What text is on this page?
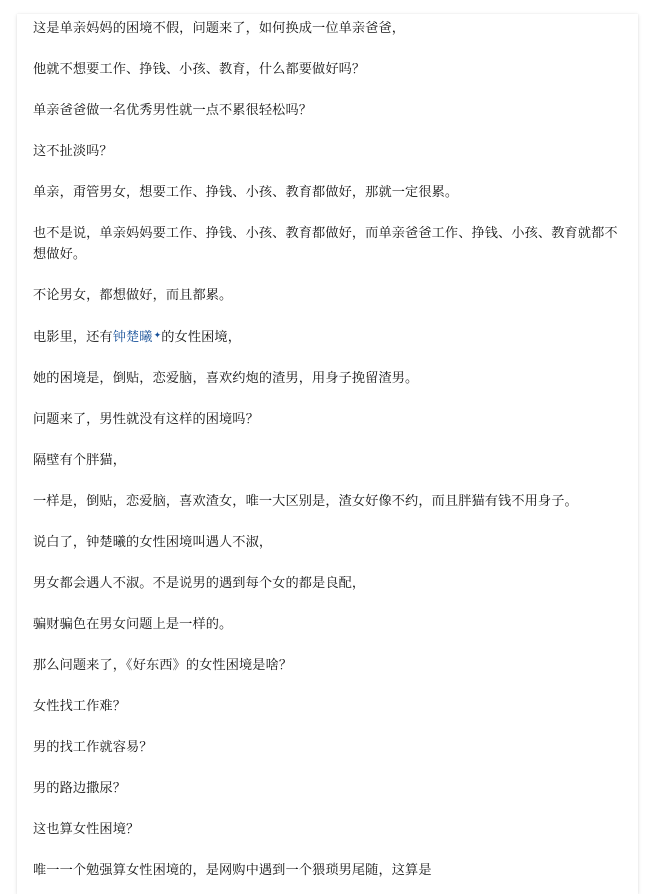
这是单亲妈妈的困境不假，问题来了，如何换成一位单亲爸爸，

他就不想要工作、挣钱、小孩、教育，什么都要做好吗？

单亲爸爸做一名优秀男性就一点不累很轻松吗？

这不扯淡吗？

单亲，甭管男女，想要工作、挣钱、小孩、教育都做好，那就一定很累。

也不是说，单亲妈妈要工作、挣钱、小孩、教育都做好，而单亲爸爸工作、挣钱、小孩、教育就都不想做好。

不论男女，都想做好，而且都累。

电影里，还有钟楚曦✦的女性困境，

她的困境是，倒贴，恋爱脑，喜欢约炮的渣男，用身子挽留渣男。

问题来了，男性就没有这样的困境吗？

隔壁有个胖猫，

一样是，倒贴，恋爱脑，喜欢渣女，唯一大区别是，渣女好像不约，而且胖猫有钱不用身子。

说白了，钟楚曦的女性困境叫遇人不淑，

男女都会遇人不淑。不是说男的遇到每个女的都是良配，

骗财骗色在男女问题上是一样的。

那么问题来了，《好东西》的女性困境是啥？

女性找工作难？

男的找工作就容易？

男的路边撒尿？

这也算女性困境？

唯一一个勉强算女性困境的，是网购中遇到一个猥琐男尾随，这算是
